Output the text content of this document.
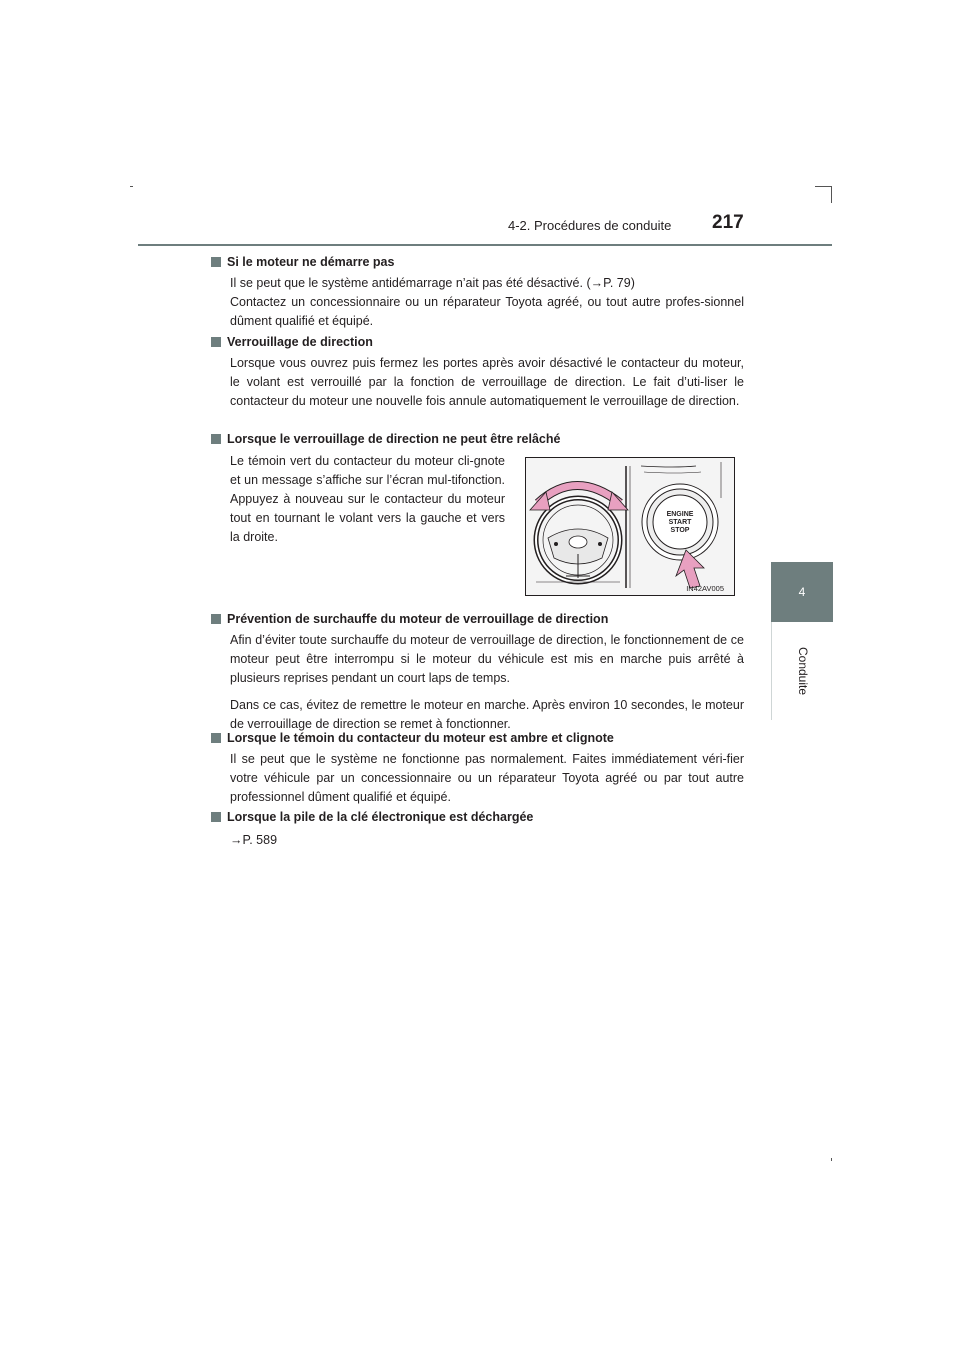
4-2. Procédures de conduite 217
4
Conduite

Si le moteur ne démarre pas

Il se peut que le système antidémarrage n’ait pas été désactivé. (→P. 79)

Contactez un concessionnaire ou un réparateur Toyota agréé, ou tout autre profes-sionnel dûment qualifié et équipé.

Verrouillage de direction

Lorsque vous ouvrez puis fermez les portes après avoir désactivé le contacteur du moteur, le volant est verrouillé par la fonction de verrouillage de direction. Le fait d’uti-liser le contacteur du moteur une nouvelle fois annule automatiquement le verrouillage de direction.

Lorsque le verrouillage de direction ne peut être relâché

Le témoin vert du contacteur du moteur cli-gnote et un message s’affiche sur l’écran mul-tifonction. Appuyez à nouveau sur le contacteur du moteur tout en tournant le volant vers la gauche et vers la droite.
ENGINE
START
STOP
IN42AV005

Prévention de surchauffe du moteur de verrouillage de direction

Afin d’éviter toute surchauffe du moteur de verrouillage de direction, le fonctionnement de ce moteur peut être interrompu si le moteur du véhicule est mis en marche puis arrêté à plusieurs reprises pendant un court laps de temps.

Dans ce cas, évitez de remettre le moteur en marche. Après environ 10 secondes, le moteur de verrouillage de direction se remet à fonctionner.

Lorsque le témoin du contacteur du moteur est ambre et clignote

Il se peut que le système ne fonctionne pas normalement. Faites immédiatement véri-fier votre véhicule par un concessionnaire ou un réparateur Toyota agréé ou par tout autre professionnel dûment qualifié et équipé.

Lorsque la pile de la clé électronique est déchargée

→P. 589
